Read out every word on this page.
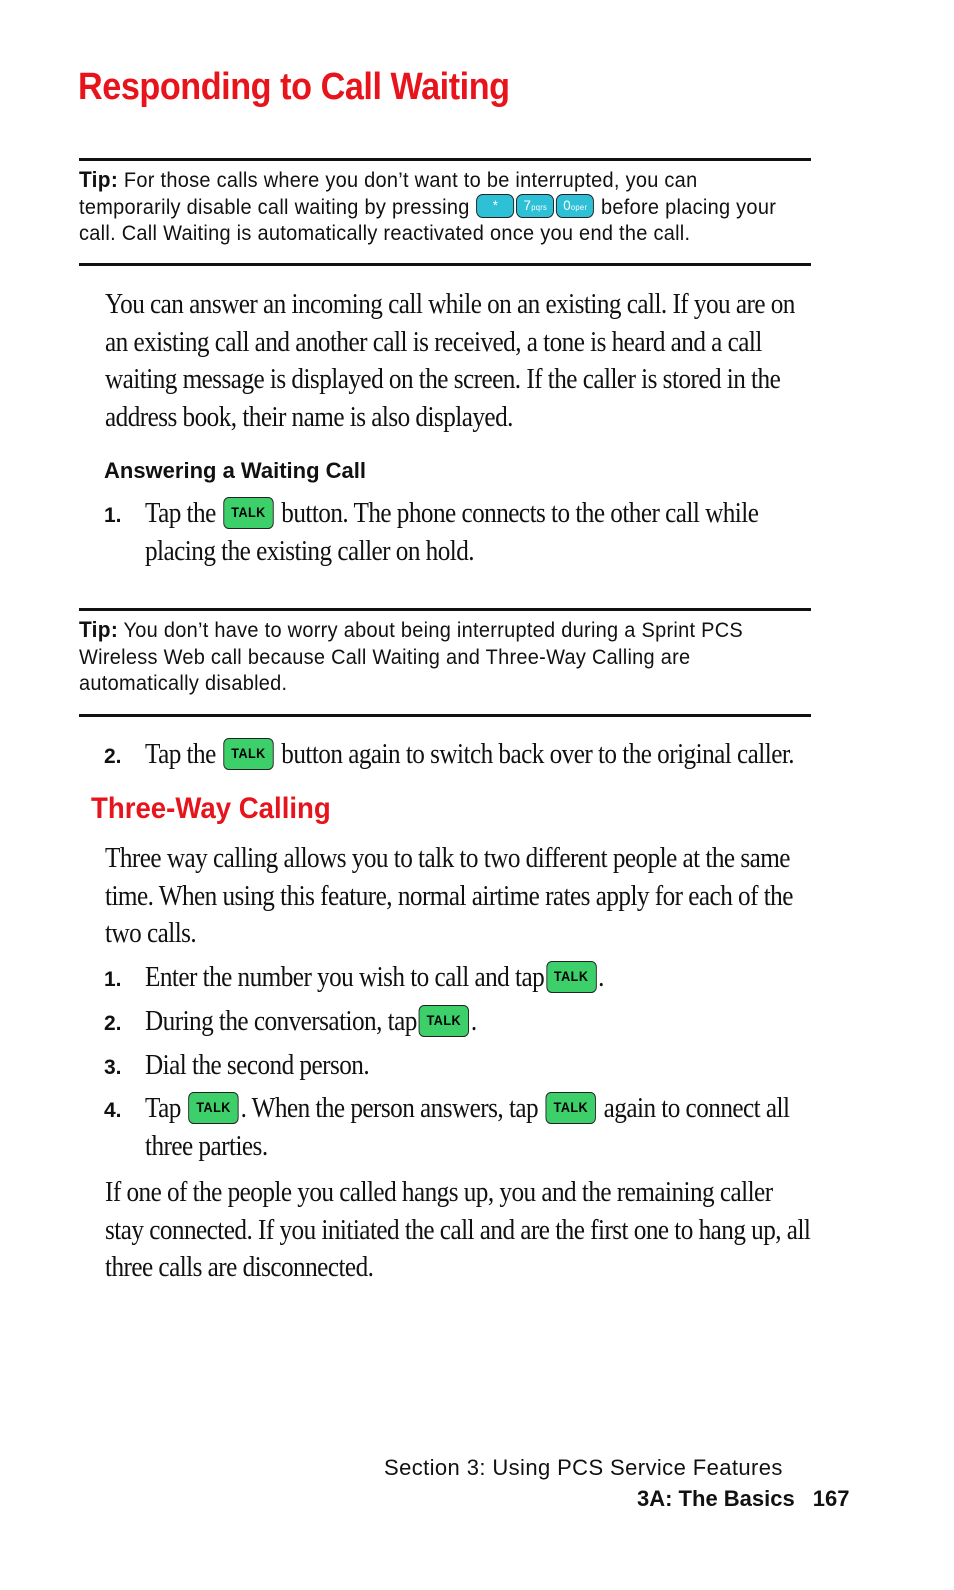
Responding to Call Waiting
Tip: For those calls where you don’t want to be interrupted, you can temporarily disable call waiting by pressing * 7pqrs 0oper before placing your call. Call Waiting is automatically reactivated once you end the call.
You can answer an incoming call while on an existing call. If you are on an existing call and another call is received, a tone is heard and a call waiting message is displayed on the screen. If the caller is stored in the address book, their name is also displayed.
Answering a Waiting Call
1. Tap the TALK button. The phone connects to the other call while placing the existing caller on hold.
Tip: You don’t have to worry about being interrupted during a Sprint PCS Wireless Web call because Call Waiting and Three-Way Calling are automatically disabled.
2. Tap the TALK button again to switch back over to the original caller.
Three-Way Calling
Three way calling allows you to talk to two different people at the same time. When using this feature, normal airtime rates apply for each of the two calls.
1. Enter the number you wish to call and tap TALK .
2. During the conversation, tap TALK .
3. Dial the second person.
4. Tap TALK . When the person answers, tap TALK again to connect all three parties.
If one of the people you called hangs up, you and the remaining caller stay connected. If you initiated the call and are the first one to hang up, all three calls are disconnected.
Section 3: Using PCS Service Features
3A: The Basics 167
